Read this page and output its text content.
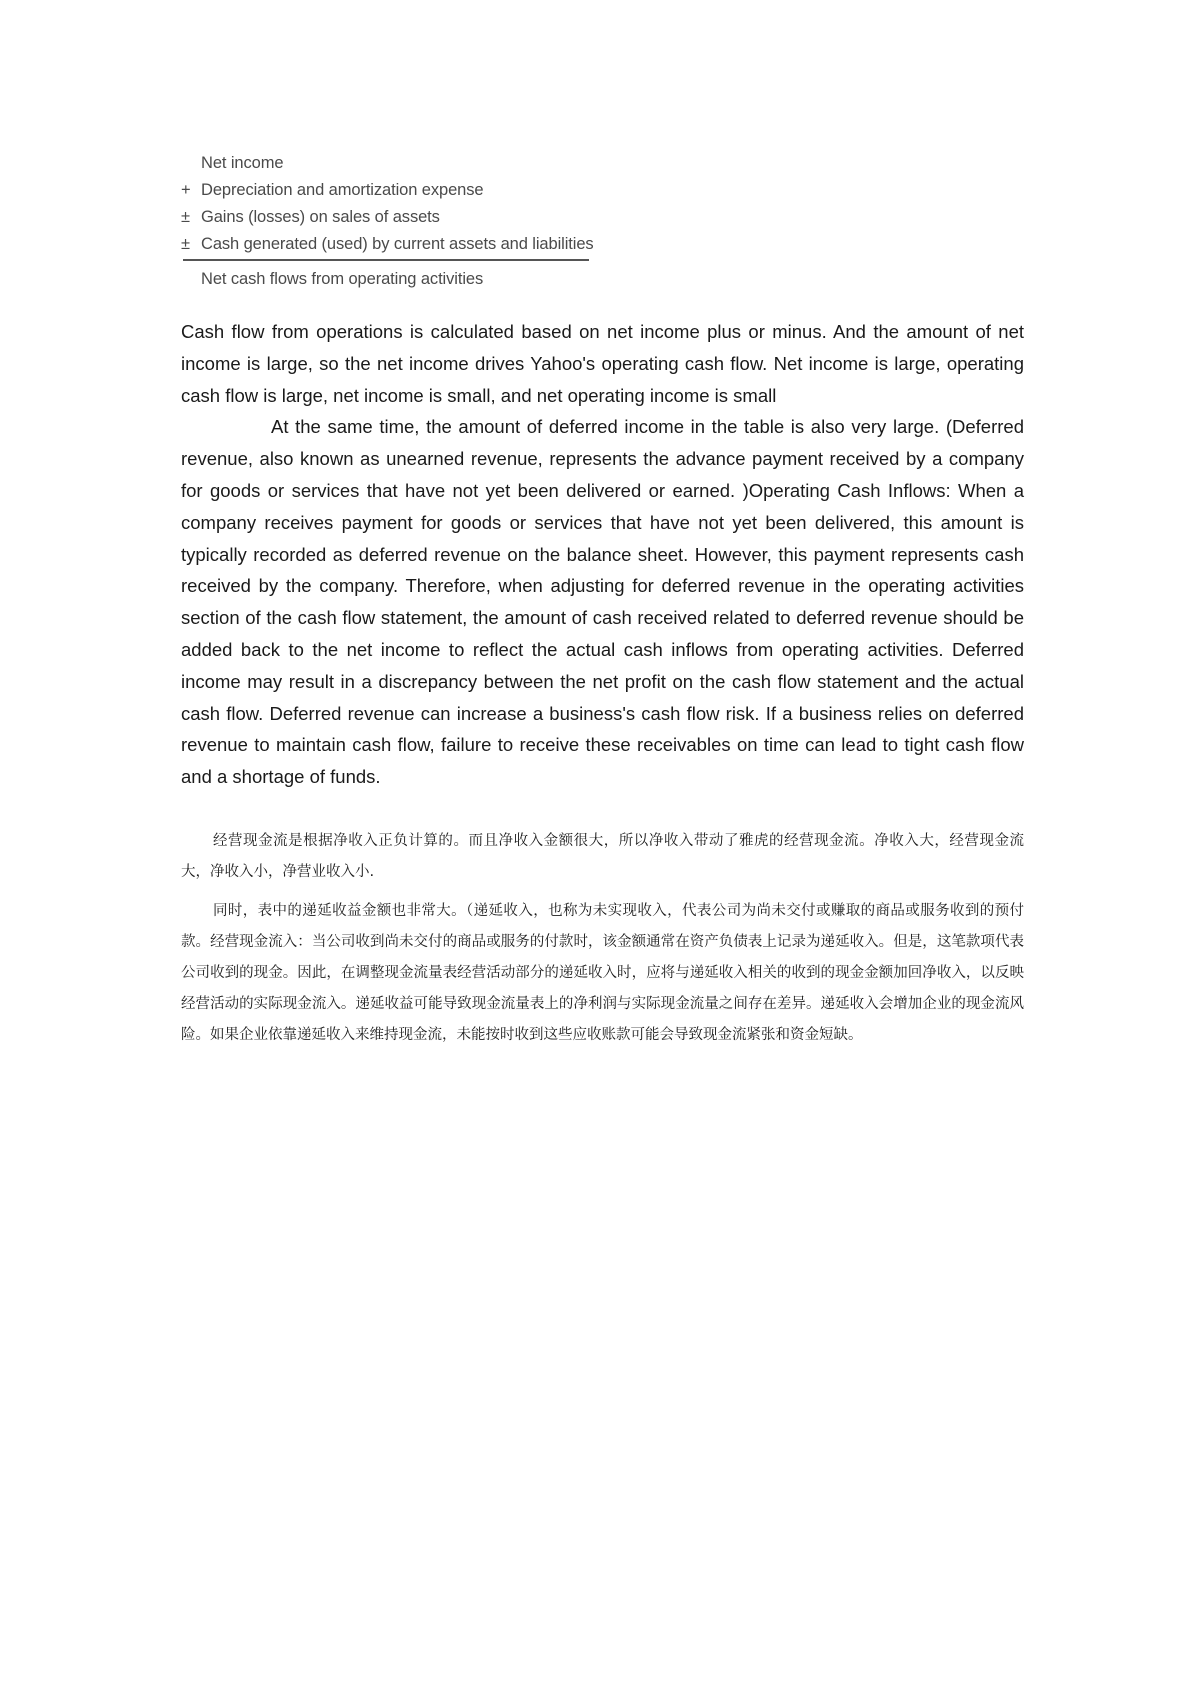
Net income
+ Depreciation and amortization expense
± Gains (losses) on sales of assets
± Cash generated (used) by current assets and liabilities
Net cash flows from operating activities

Cash flow from operations is calculated based on net income plus or minus. And the amount of net income is large, so the net income drives Yahoo's operating cash flow. Net income is large, operating cash flow is large, net income is small, and net operating income is small

At the same time, the amount of deferred income in the table is also very large. (Deferred revenue, also known as unearned revenue, represents the advance payment received by a company for goods or services that have not yet been delivered or earned. )Operating Cash Inflows: When a company receives payment for goods or services that have not yet been delivered, this amount is typically recorded as deferred revenue on the balance sheet. However, this payment represents cash received by the company. Therefore, when adjusting for deferred revenue in the operating activities section of the cash flow statement, the amount of cash received related to deferred revenue should be added back to the net income to reflect the actual cash inflows from operating activities. Deferred income may result in a discrepancy between the net profit on the cash flow statement and the actual cash flow. Deferred revenue can increase a business's cash flow risk. If a business relies on deferred revenue to maintain cash flow, failure to receive these receivables on time can lead to tight cash flow and a shortage of funds.

经营现金流是根据净收入正负计算的。而且净收入金额很大，所以净收入带动了雅虎的经营现金流。净收入大，经营现金流大，净收入小，净营业收入小.

同时，表中的递延收益金额也非常大。（递延收入，也称为未实现收入，代表公司为尚未交付或赚取的商品或服务收到的预付款。经营现金流入：当公司收到尚未交付的商品或服务的付款时，该金额通常在资产负债表上记录为递延收入。但是，这笔款项代表公司收到的现金。因此，在调整现金流量表经营活动部分的递延收入时，应将与递延收入相关的收到的现金金额加回净收入，以反映经营活动的实际现金流入。递延收益可能导致现金流量表上的净利润与实际现金流量之间存在差异。递延收入会增加企业的现金流风险。如果企业依靠递延收入来维持现金流，未能按时收到这些应收账款可能会导致现金流紧张和资金短缺。
